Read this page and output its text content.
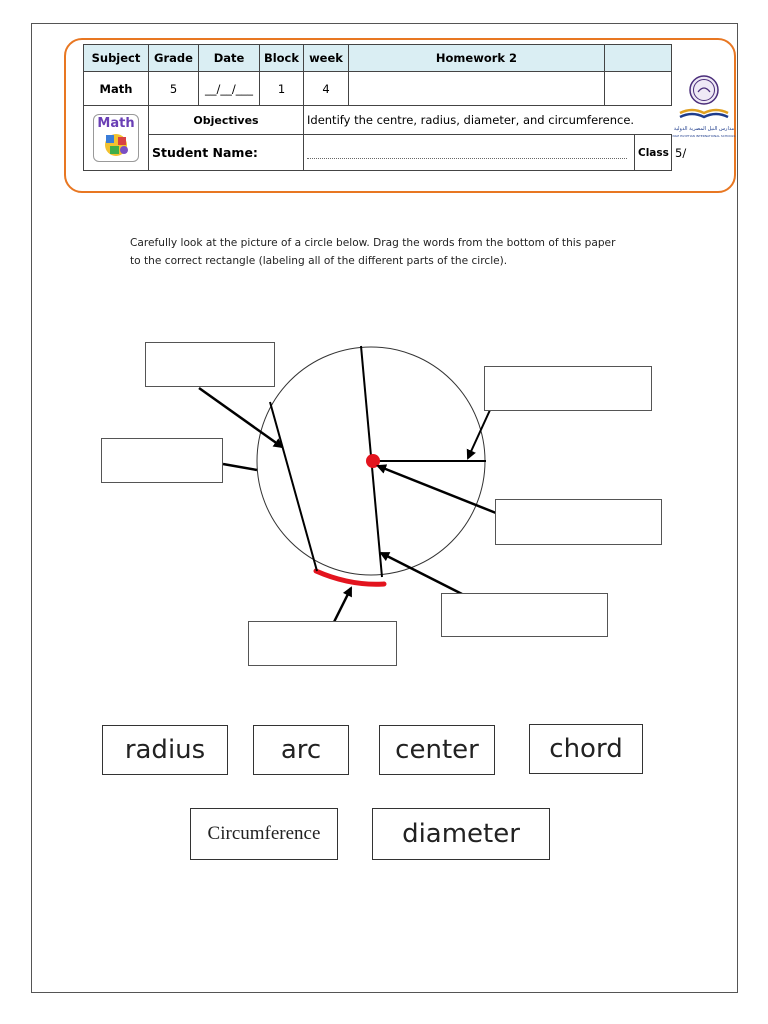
Subject	Grade	Date	Block	week	Homework 2			
Math	5	__/__/___	1	4				

Math	Objectives			Identify the centre, radius, diameter, and circumference.				
	Student Name:						Class	5/
مدارس النيل المصرية الدولية
NILE EGYPTIAN INTERNATIONAL SCHOOLS
Carefully look at the picture of a circle below. Drag the words from the bottom of this paper
to the correct rectangle (labeling all of the different parts of the circle).
radius	arc	center	chord
Circumference	diameter
